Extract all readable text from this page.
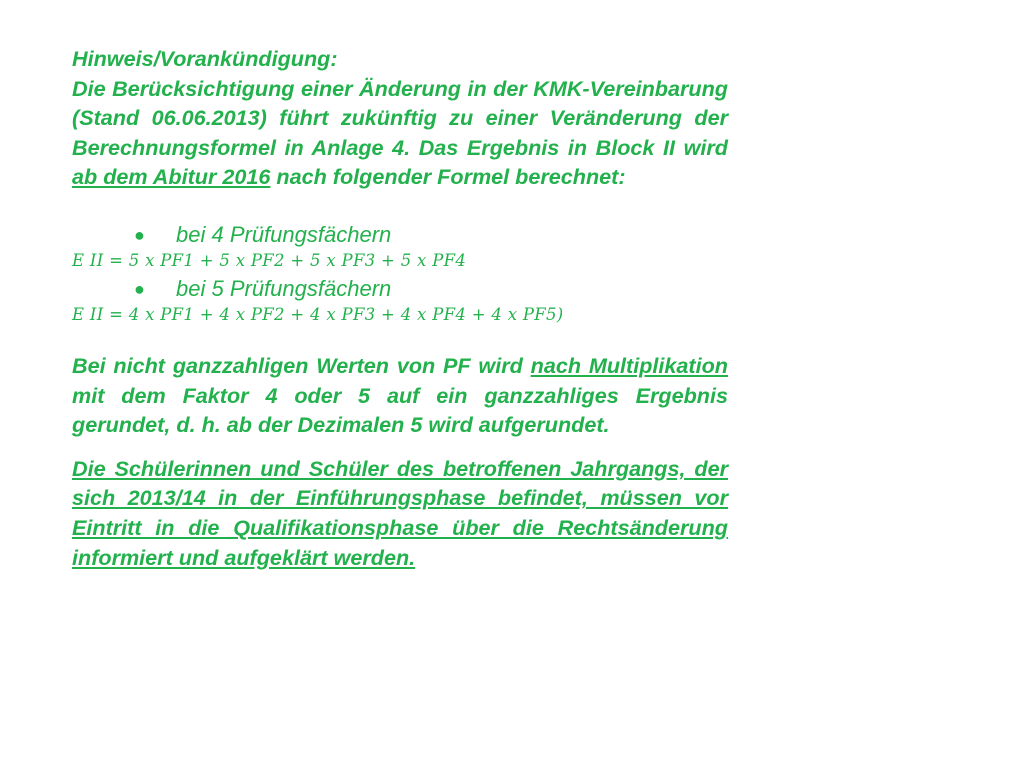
Hinweis/Vorankündigung:

Die Berücksichtigung einer Änderung in der KMK-Vereinbarung (Stand 06.06.2013) führt zukünftig zu einer Veränderung der Berechnungsformel in Anlage 4. Das Ergebnis in Block II wird ab dem Abitur 2016 nach folgender Formel berechnet:

●	bei 4 Prüfungsfächern

E II = 5 x PF1 + 5 x PF2 + 5 x PF3 + 5 x PF4

●	bei 5 Prüfungsfächern

E II = 4 x PF1 + 4 x PF2 + 4 x PF3 + 4 x PF4 + 4 x PF5)

Bei nicht ganzzahligen Werten von PF wird nach Multiplikation mit dem Faktor 4 oder 5 auf ein ganzzahliges Ergebnis gerundet, d. h. ab der Dezimalen 5 wird aufgerundet.

Die Schülerinnen und Schüler des betroffenen Jahrgangs, der sich 2013/14 in der Einführungsphase befindet, müssen vor Eintritt in die Qualifikationsphase über die Rechtsänderung informiert und aufgeklärt werden.
